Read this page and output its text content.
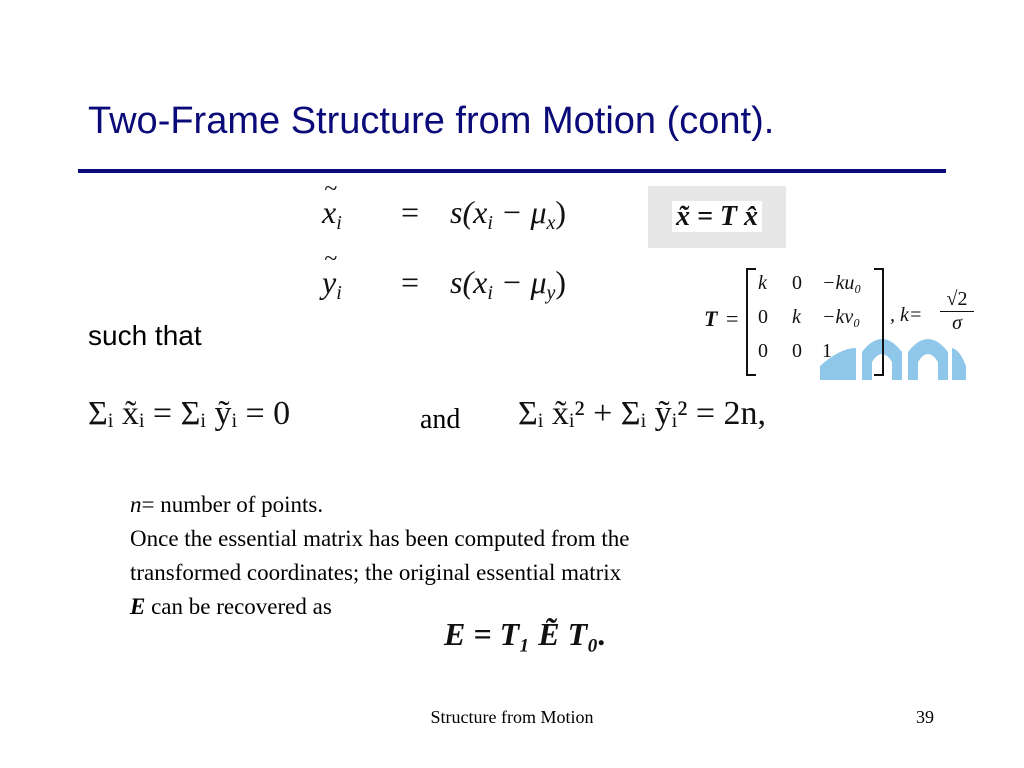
Two-Frame Structure from Motion (cont).
~ $x_i = s(x_i - \mu_x)$
~ $y_i = s(x_i - \mu_y)$
x̃ = T x̂
T =
k	0	−ku₀
0	k	−kv₀
0	0	1
, $k= \frac{√2}{\sigma}$
such that
Σᵢ x̃ᵢ = Σᵢ ỹᵢ = 0	and Σᵢ x̃ᵢ² + Σᵢ ỹᵢ² = 2n,
n= number of points.
Once the essential matrix has been computed from the
transformed coordinates; the original essential matrix
E can be recovered as
E = T₁ Ẽ T₀.
Structure from Motion	39
